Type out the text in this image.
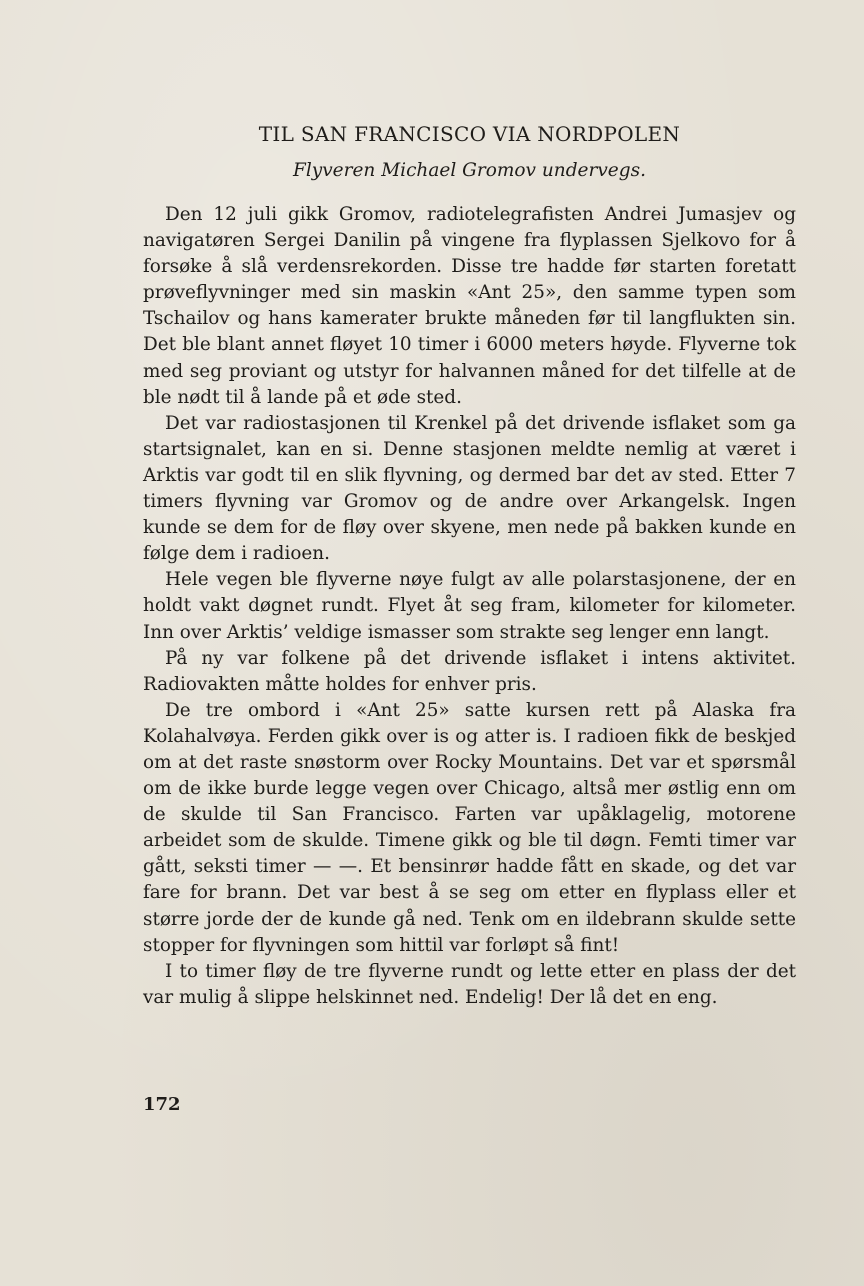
TIL SAN FRANCISCO VIA NORDPOLEN
Flyveren Michael Gromov undervegs.

Den 12 juli gikk Gromov, radiotelegrafisten Andrei Jumasjev og navigatøren Sergei Danilin på vingene fra flyplassen Sjelkovo for å forsøke å slå verdensrekorden. Disse tre hadde før starten foretatt prøveflyvninger med sin maskin «Ant 25», den samme typen som Tschailov og hans kamerater brukte måneden før til langflukten sin. Det ble blant annet fløyet 10 timer i 6000 meters høyde. Flyverne tok med seg proviant og utstyr for halvannen måned for det tilfelle at de ble nødt til å lande på et øde sted.

Det var radiostasjonen til Krenkel på det drivende isflaket som ga startsignalet, kan en si. Denne stasjonen meldte nemlig at været i Arktis var godt til en slik flyvning, og dermed bar det av sted. Etter 7 timers flyvning var Gromov og de andre over Arkangelsk. Ingen kunde se dem for de fløy over skyene, men nede på bakken kunde en følge dem i radioen.

Hele vegen ble flyverne nøye fulgt av alle polarstasjonene, der en holdt vakt døgnet rundt. Flyet åt seg fram, kilometer for kilometer. Inn over Arktis’ veldige ismasser som strakte seg lenger enn langt.

På ny var folkene på det drivende isflaket i intens aktivitet. Radiovakten måtte holdes for enhver pris.

De tre ombord i «Ant 25» satte kursen rett på Alaska fra Kolahalvøya. Ferden gikk over is og atter is. I radioen fikk de beskjed om at det raste snøstorm over Rocky Mountains. Det var et spørsmål om de ikke burde legge vegen over Chicago, altså mer østlig enn om de skulde til San Francisco. Farten var upåklagelig, motorene arbeidet som de skulde. Timene gikk og ble til døgn. Femti timer var gått, seksti timer — —. Et bensinrør hadde fått en skade, og det var fare for brann. Det var best å se seg om etter en flyplass eller et større jorde der de kunde gå ned. Tenk om en ildebrann skulde sette stopper for flyvningen som hittil var forløpt så fint!

I to timer fløy de tre flyverne rundt og lette etter en plass der det var mulig å slippe helskinnet ned. Endelig! Der lå det en eng.

172
